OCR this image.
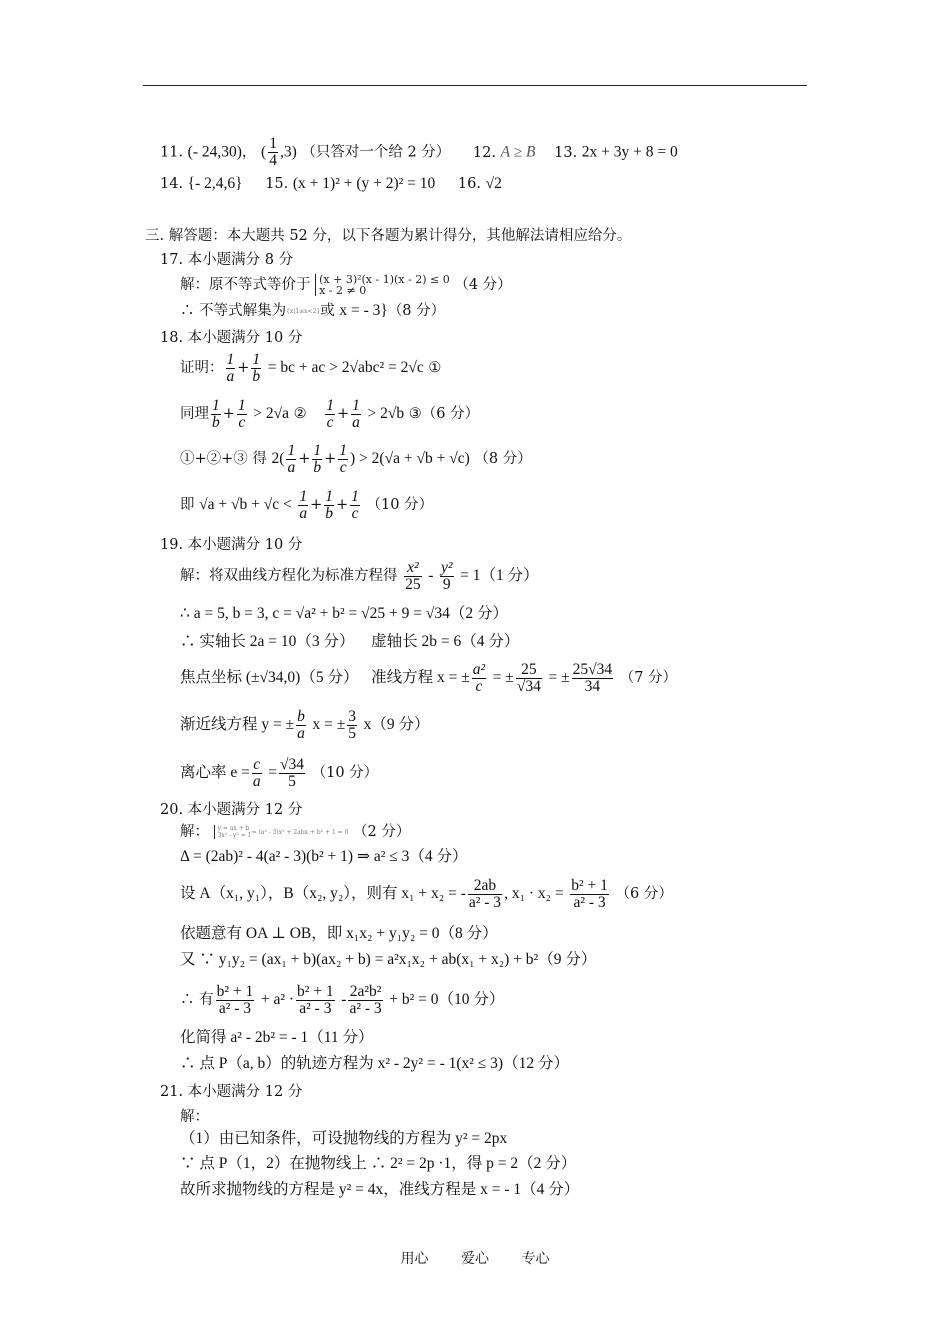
11. (- 24,30)， ( $\frac{1}{4} ,3$) （只答对一个给 2 分） 12. A ≥ B 13. 2x + 3y + 8 = 0
14. {- 2,4,6} 15. (x + 1)² + (y + 2)² = 10 16. √2
三. 解答题：本大题共 52 分，以下各题为累计得分，其他解法请相应给分。
17. 本小题满分 8 分
解：原不等式等价于 (x + 3)²(x - 1)(x - 2) ≤ 0
x - 2 ≠ 0	（4 分）
∴ 不等式解集为{x|1≤x<2}或 x = - 3}（8 分）
18. 本小题满分 10 分
证明： $\frac{1}{a} + \frac{1}{b}$ = bc + ac > 2√abc² = 2√c ①
同理 $\frac{1}{b} + \frac{1}{c} > 2√a$ ② $\frac{1}{c} + \frac{1}{a} > 2√b$ ③（6 分）
①+②+③ 得 $2( \frac{1}{a} + \frac{1}{b} + \frac{1}{c}$ ) > 2(√a + √b + √c) （8 分）
即 $√a + √b + √c < \frac{1}{a} + \frac{1}{b} + \frac{1}{c} (10$ 分）
19. 本小题满分 10 分
解：将双曲线方程化为标准方程得 $\frac{\text{x²}}{25} - \frac{\text{y²}}{9} = 1(1$ 分）
∴ a = 5, b = 3, c = √a² + b² = √25 + 9 = √34（2 分）
∴ 实轴长 2a = 10（3 分） 虚轴长 2b = 6（4 分）
焦点坐标 (±√34,0)（5 分） 准线方程 x = ± $\frac{\text{a²}}{c}$ = ± $\frac{25}{√34}$ = ± $\frac{25√34}{34} (7$ 分）
渐近线方程 y = ± $\frac{b}{a}$ x = ± $\frac{3}{5} x(9$ 分）
离心率 $e = \frac{c}{a} = \frac{√34}{5} (10$ 分）
20. 本小题满分 12 分
解： y = ax + b
3x² - y² = 1 ⇒ (a² - 3)x² + 2abx + b² + 1 = 0 （2 分）
Δ = (2ab)² - 4(a² - 3)(b² + 1) ⇒ a² ≤ 3（4 分）
设 A（x₁, y₁），B（x₂, y₂），则有 x₁ + x₂ = - $\frac{2ab}{\text{a² - 3}}$ , $x_1 \cdot x_2 = \frac{\text{b² + 1}}{\text{a² - 3}} (6$ 分）
依题意有 OA ⊥ OB，即 x₁x₂ + y₁y₂ = 0（8 分）
又 ∵ y₁y₂ = (ax₁ + b)(ax₂ + b) = a²x₁x₂ + ab(x₁ + x₂) + b²（9 分）
∴ 有 $\frac{\text{b² + 1}}{\text{a² - 3}} + a^2 \cdot \frac{\text{b² + 1}}{\text{a² - 3}} - \frac{\text{2a²b²}}{\text{a² - 3}} + b^2 = 0(10$ 分）
化简得 a² - 2b² = - 1（11 分）
∴ 点 P（a, b）的轨迹方程为 x² - 2y² = - 1(x² ≤ 3)（12 分）
21. 本小题满分 12 分
解：
（1）由已知条件，可设抛物线的方程为 y² = 2px
∵ 点 P（1，2）在抛物线上 ∴ 2² = 2p ·1，得 p = 2（2 分）
故所求抛物线的方程是 y² = 4x，准线方程是 x = - 1（4 分）
用心 爱心 专心
